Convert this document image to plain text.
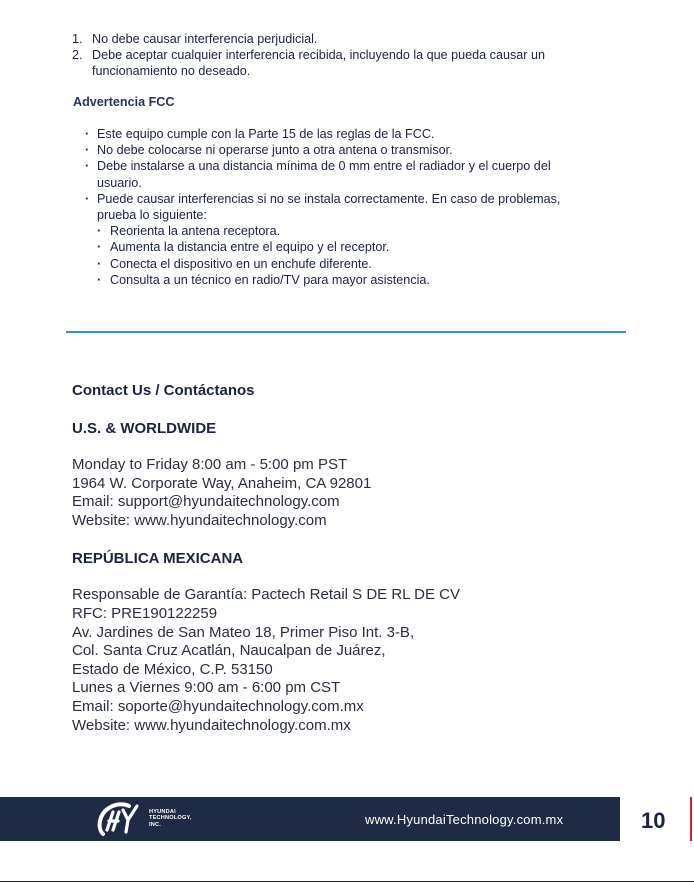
1. No debe causar interferencia perjudicial.
2. Debe aceptar cualquier interferencia recibida, incluyendo la que pueda causar un funcionamiento no deseado.
Advertencia FCC
· Este equipo cumple con la Parte 15 de las reglas de la FCC.
· No debe colocarse ni operarse junto a otra antena o transmisor.
· Debe instalarse a una distancia mínima de 0 mm entre el radiador y el cuerpo del usuario.
· Puede causar interferencias si no se instala correctamente. En caso de problemas, prueba lo siguiente:
· Reorienta la antena receptora.
· Aumenta la distancia entre el equipo y el receptor.
· Conecta el dispositivo en un enchufe diferente.
· Consulta a un técnico en radio/TV para mayor asistencia.
Contact Us / Contáctanos
U.S. & WORLDWIDE

Monday to Friday 8:00 am - 5:00 pm PST

1964 W. Corporate Way, Anaheim, CA 92801

Email: support@hyundaitechnology.com

Website: www.hyundaitechnology.com

REPÚBLICA MEXICANA

Responsable de Garantía: Pactech Retail S DE RL DE CV

RFC: PRE190122259

Av. Jardines de San Mateo 18, Primer Piso Int. 3-B,

Col. Santa Cruz Acatlán, Naucalpan de Juárez,

Estado de México, C.P. 53150

Lunes a Viernes 9:00 am - 6:00 pm CST

Email: soporte@hyundaitechnology.com.mx

Website: www.hyundaitechnology.com.mx

HYUNDAI
TECHNOLOGY,
INC.	www.HyundaiTechnology.com.mx	10
